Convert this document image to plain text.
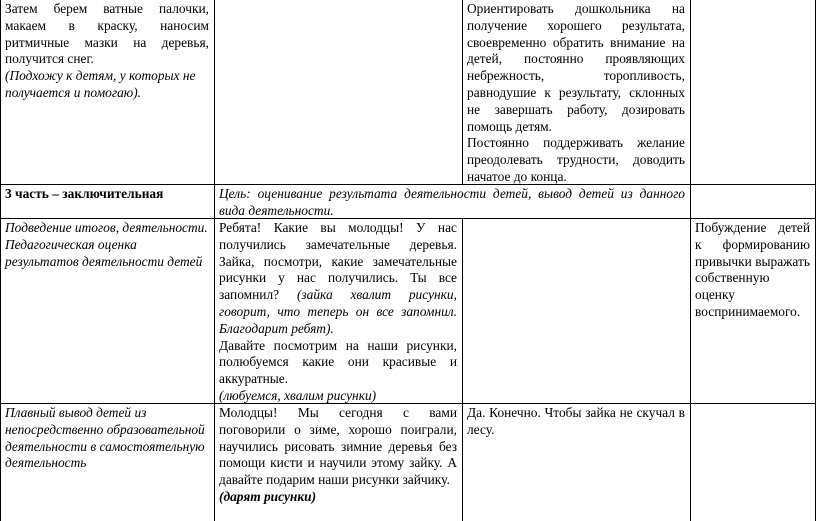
Затем берем ватные палочки, макаем в краску, наносим ритмичные мазки на деревья, получится снег.

(Подхожу к детям, у которых не получается и помогаю).

Ориентировать дошкольника на получение хорошего результата, своевременно обратить внимание на детей, постоянно проявляющих небрежность, торопливость, равнодушие к результату, склонных не завершать работу, дозировать помощь детям.

Постоянно поддерживать желание преодолевать трудности, доводить начатое до конца.

3 часть – заключительная	Цель: оценивание результата деятельности детей, вывод детей из данного вида деятельности.
Подведение итогов, деятельности. Педагогическая оценка результатов деятельности детей

Ребята! Какие вы молодцы! У нас получились замечательные деревья. Зайка, посмотри, какие замечательные рисунки у нас получились. Ты все запомнил? (зайка хвалит рисунки, говорит, что теперь он все запомнил. Благодарит ребят).

Давайте посмотрим на наши рисунки, полюбуемся какие они красивые и аккуратные.

(любуемся, хвалим рисунки)

Побуждение детей к формированию привычки выражать собственную оценку воспринимаемого.
Плавный вывод детей из непосредственно образовательной деятельности в самостоятельную деятельность

Молодцы! Мы сегодня с вами поговорили о зиме, хорошо поиграли, научились рисовать зимние деревья без помощи кисти и научили этому зайку. А давайте подарим наши рисунки зайчику.

(дарят рисунки)

Да. Конечно. Чтобы зайка не скучал в лесу.
